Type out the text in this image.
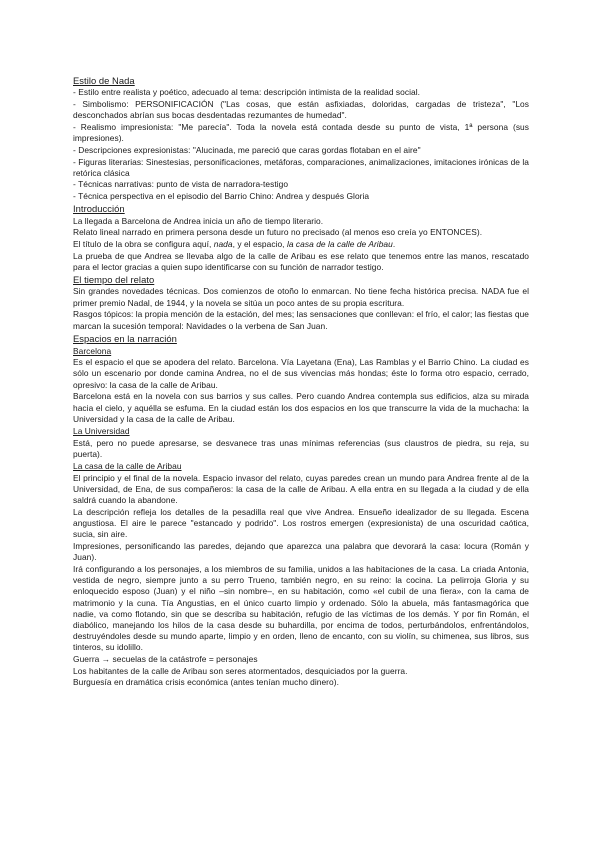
Estilo de Nada

- Estilo entre realista y poético, adecuado al tema: descripción intimista de la realidad social.

- Simbolismo: PERSONIFICACIÓN ("Las cosas, que están asfixiadas, doloridas, cargadas de tristeza", "Los desconchados abrían sus bocas desdentadas rezumantes de humedad".

- Realismo impresionista: "Me parecía". Toda la novela está contada desde su punto de vista, 1ª persona (sus impresiones).

- Descripciones expresionistas: "Alucinada, me pareció que caras gordas flotaban en el aire"

- Figuras literarias: Sinestesias, personificaciones, metáforas, comparaciones, animalizaciones, imitaciones irónicas de la retórica clásica

- Técnicas narrativas: punto de vista de narradora-testigo

- Técnica perspectiva en el episodio del Barrio Chino: Andrea y después Gloria

Introducción

La llegada a Barcelona de Andrea inicia un año de tiempo literario.

Relato lineal narrado en primera persona desde un futuro no precisado (al menos eso creía yo ENTONCES).

El título de la obra se configura aquí, nada, y el espacio, la casa de la calle de Aribau.

La prueba de que Andrea se llevaba algo de la calle de Aribau es ese relato que tenemos entre las manos, rescatado para el lector gracias a quien supo identificarse con su función de narrador testigo.

El tiempo del relato

Sin grandes novedades técnicas. Dos comienzos de otoño lo enmarcan. No tiene fecha histórica precisa. NADA fue el primer premio Nadal, de 1944, y la novela se sitúa un poco antes de su propia escritura.

Rasgos tópicos: la propia mención de la estación, del mes; las sensaciones que conllevan: el frío, el calor; las fiestas que marcan la sucesión temporal: Navidades o la verbena de San Juan.

Espacios en la narración
Barcelona

Es el espacio el que se apodera del relato. Barcelona. Vía Layetana (Ena), Las Ramblas y el Barrio Chino. La ciudad es sólo un escenario por donde camina Andrea, no el de sus vivencias más hondas; éste lo forma otro espacio, cerrado, opresivo: la casa de la calle de Aribau.

Barcelona está en la novela con sus barrios y sus calles. Pero cuando Andrea contempla sus edificios, alza su mirada hacia el cielo, y aquélla se esfuma. En la ciudad están los dos espacios en los que transcurre la vida de la muchacha: la Universidad y la casa de la calle de Aribau.

La Universidad

Está, pero no puede apresarse, se desvanece tras unas mínimas referencias (sus claustros de piedra, su reja, su puerta).

La casa de la calle de Aribau

El principio y el final de la novela. Espacio invasor del relato, cuyas paredes crean un mundo para Andrea frente al de la Universidad, de Ena, de sus compañeros: la casa de la calle de Aribau. A ella entra en su llegada a la ciudad y de ella saldrá cuando la abandone.

La descripción refleja los detalles de la pesadilla real que vive Andrea. Ensueño idealizador de su llegada. Escena angustiosa. El aire le parece "estancado y podrido". Los rostros emergen (expresionista) de una oscuridad caótica, sucia, sin aire.

Impresiones, personificando las paredes, dejando que aparezca una palabra que devorará la casa: locura (Román y Juan).

Irá configurando a los personajes, a los miembros de su familia, unidos a las habitaciones de la casa. La criada Antonia, vestida de negro, siempre junto a su perro Trueno, también negro, en su reino: la cocina. La pelirroja Gloria y su enloquecido esposo (Juan) y el niño –sin nombre–, en su habitación, como «el cubil de una fiera», con la cama de matrimonio y la cuna. Tía Angustias, en el único cuarto limpio y ordenado. Sólo la abuela, más fantasmagórica que nadie, va como flotando, sin que se describa su habitación, refugio de las víctimas de los demás. Y por fin Román, el diabólico, manejando los hilos de la casa desde su buhardilla, por encima de todos, perturbándolos, enfrentándolos, destruyéndoles desde su mundo aparte, limpio y en orden, lleno de encanto, con su violín, su chimenea, sus libros, sus tinteros, su idolillo.

Guerra → secuelas de la catástrofe = personajes

Los habitantes de la calle de Aribau son seres atormentados, desquiciados por la guerra.

Burguesía en dramática crisis económica (antes tenían mucho dinero).
